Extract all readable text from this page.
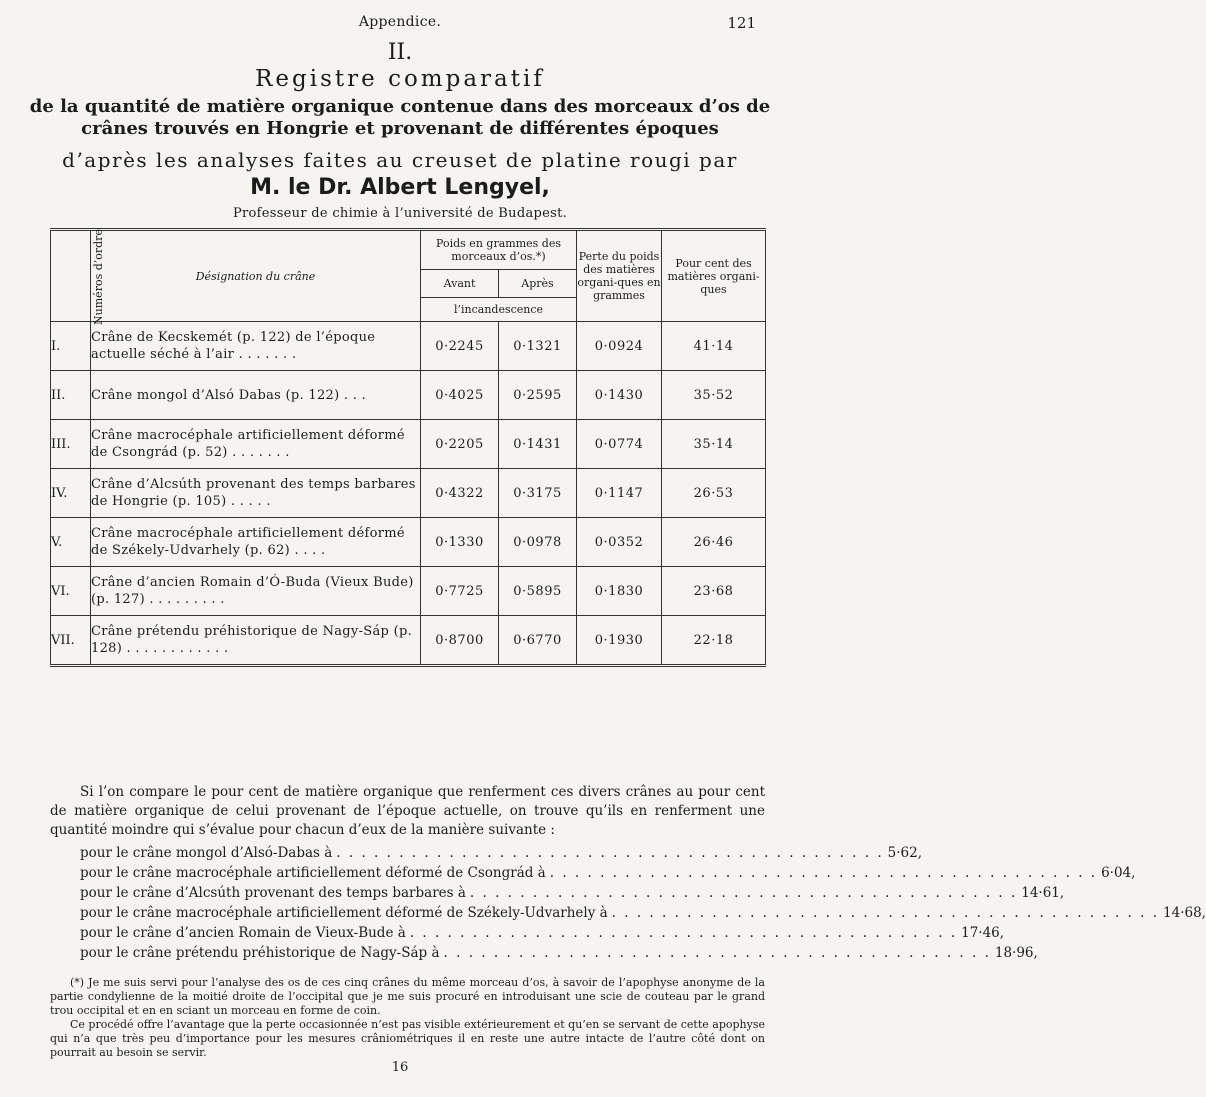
Appendice.	121
II.
Registre comparatif
de la quantité de matière organique contenue dans des morceaux d’os de crânes trouvés en Hongrie et provenant de différentes époques
d’après les analyses faites au creuset de platine rougi par
M. le Dr. Albert Lengyel,
Professeur de chimie à l’université de Budapest.
Numéros d’ordre	Désignation du crâne	Poids en grammes des morceaux d’os.*)		Perte du poids des matières organi-ques en grammes	Pour cent des matières organi-ques
		Avant	Après		
		l’incandescence			
I.	Crâne de Kecskemét (p. 122) de l’époque actuelle séché à l’air . . . . . . .	0·2245	0·1321	0·0924	41·14
II.	Crâne mongol d’Alsó Dabas (p. 122) . . .	0·4025	0·2595	0·1430	35·52
III.	Crâne macrocéphale artificiellement déformé de Csongrád (p. 52) . . . . . . .	0·2205	0·1431	0·0774	35·14
IV.	Crâne d’Alcsúth provenant des temps barbares de Hongrie (p. 105) . . . . .	0·4322	0·3175	0·1147	26·53
V.	Crâne macrocéphale artificiellement déformé de Székely-Udvarhely (p. 62) . . . .	0·1330	0·0978	0·0352	26·46
VI.	Crâne d’ancien Romain d’Ó-Buda (Vieux Bude) (p. 127) . . . . . . . . .	0·7725	0·5895	0·1830	23·68
VII.	Crâne prétendu préhistorique de Nagy-Sáp (p. 128) . . . . . . . . . . . .	0·8700	0·6770	0·1930	22·18
Si l’on compare le pour cent de matière organique que renferment ces divers crânes au pour cent de matière organique de celui provenant de l’époque actuelle, on trouve qu’ils en renferment une quantité moindre qui s’évalue pour chacun d’eux de la manière suivante :
pour le crâne mongol d’Alsó-Dabas à . . . . . . . . . . . . . . . . . . . . . . . . . . . . . . . . . . . . . . . . . . . . 5·62,
pour le crâne macrocéphale artificiellement déformé de Csongrád à . . . . . . . . . . . . . . . . . . . . . . . . . . . . . . . . . . . . . . . . . . . . 6·04,
pour le crâne d’Alcsúth provenant des temps barbares à . . . . . . . . . . . . . . . . . . . . . . . . . . . . . . . . . . . . . . . . . . . . 14·61,
pour le crâne macrocéphale artificiellement déformé de Székely-Udvarhely à . . . . . . . . . . . . . . . . . . . . . . . . . . . . . . . . . . . . . . . . . . . . 14·68,
pour le crâne d’ancien Romain de Vieux-Bude à . . . . . . . . . . . . . . . . . . . . . . . . . . . . . . . . . . . . . . . . . . . . 17·46,
pour le crâne prétendu préhistorique de Nagy-Sáp à . . . . . . . . . . . . . . . . . . . . . . . . . . . . . . . . . . . . . . . . . . . . 18·96,

(*) Je me suis servi pour l’analyse des os de ces cinq crânes du même morceau d’os, à savoir de l’apophyse anonyme de la partie condylienne de la moitié droite de l’occipital que je me suis procuré en introduisant une scie de couteau par le grand trou occipital et en en sciant un morceau en forme de coin.

Ce procédé offre l’avantage que la perte occasionnée n’est pas visible extérieurement et qu’en se servant de cette apophyse qui n’a que très peu d’importance pour les mesures crâniométriques il en reste une autre intacte de l’autre côté dont on pourrait au besoin se servir.

16
